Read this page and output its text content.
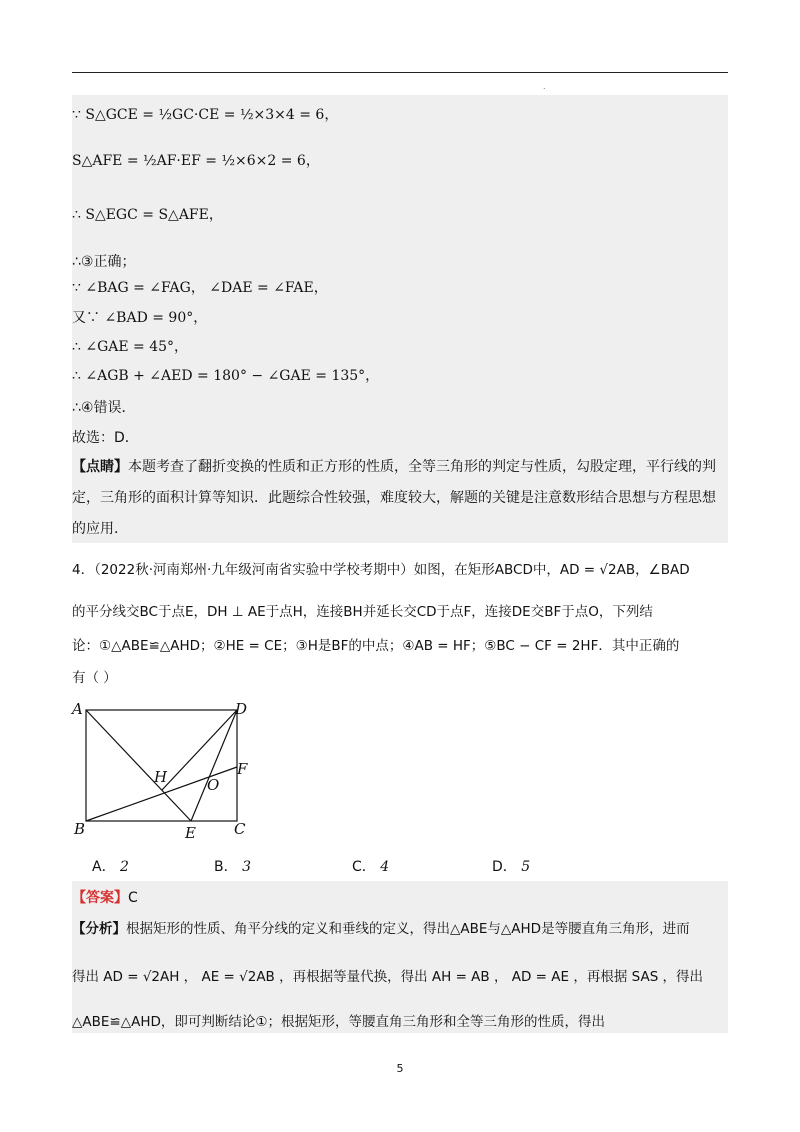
.
∵ S△GCE = ½GC·CE = ½×3×4 = 6，
S△AFE = ½AF·EF = ½×6×2 = 6，
∴ S△EGC = S△AFE，
∴③正确；
∵ ∠BAG = ∠FAG， ∠DAE = ∠FAE，
又∵ ∠BAD = 90°，
∴ ∠GAE = 45°，
∴ ∠AGB + ∠AED = 180° − ∠GAE = 135°，
∴④错误．
故选：D．
【点睛】本题考查了翻折变换的性质和正方形的性质，全等三角形的判定与性质，勾股定理，平行线的判定，三角形的面积计算等知识．此题综合性较强，难度较大，解题的关键是注意数形结合思想与方程思想的应用．
4．（2022秋·河南郑州·九年级河南省实验中学校考期中）如图，在矩形ABCD中，AD = √2AB，∠BAD
的平分线交BC于点E，DH ⊥ AE于点H，连接BH并延长交CD于点F，连接DE交BF于点O，下列结
论：①△ABE≌△AHD；②HE = CE；③H是BF的中点；④AB = HF；⑤BC − CF = 2HF．其中正确的
有（ ）
A	D
H	F
O
B	E	C
A． 2	B． 3	C． 4	D． 5
【答案】C
【分析】根据矩形的性质、角平分线的定义和垂线的定义，得出△ABE与△AHD是等腰直角三角形，进而
得出 AD = √2AH ， AE = √2AB ，再根据等量代换，得出 AH = AB ， AD = AE ，再根据 SAS ，得出
△ABE≌△AHD，即可判断结论①；根据矩形，等腰直角三角形和全等三角形的性质，得出
5
